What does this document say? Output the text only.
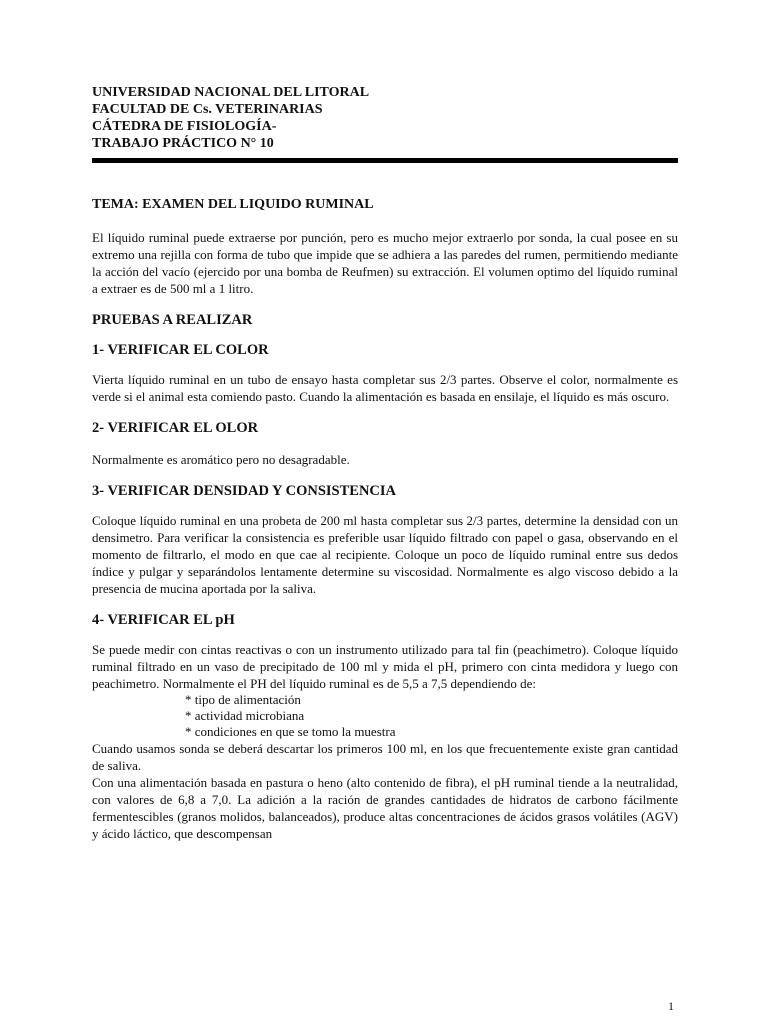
UNIVERSIDAD NACIONAL DEL LITORAL

FACULTAD DE Cs. VETERINARIAS

CÁTEDRA DE FISIOLOGÍA-

TRABAJO PRÁCTICO N° 10

TEMA: EXAMEN DEL LIQUIDO RUMINAL

El líquido ruminal puede extraerse por punción, pero es mucho mejor extraerlo por sonda, la cual posee en su extremo una rejilla con forma de tubo que impide que se adhiera a las paredes del rumen, permitiendo mediante la acción del vacío (ejercido por una bomba de Reufmen) su extracción. El volumen optimo del líquido ruminal a extraer es de 500 ml a 1 litro.

PRUEBAS A REALIZAR
1- VERIFICAR EL COLOR

Vierta líquido ruminal en un tubo de ensayo hasta completar sus 2/3 partes. Observe el color, normalmente es verde si el animal esta comiendo pasto. Cuando la alimentación es basada en ensilaje, el líquido es más oscuro.

2- VERIFICAR EL OLOR

Normalmente es aromático pero no desagradable.

3- VERIFICAR DENSIDAD Y CONSISTENCIA

Coloque líquido ruminal en una probeta de 200 ml hasta completar sus 2/3 partes, determine la densidad con un densimetro. Para verificar la consistencia es preferible usar líquido filtrado con papel o gasa, observando en el momento de filtrarlo, el modo en que cae al recipiente. Coloque un poco de líquido ruminal entre sus dedos índice y pulgar y separándolos lentamente determine su viscosidad. Normalmente es algo viscoso debido a la presencia de mucina aportada por la saliva.

4- VERIFICAR EL pH

Se puede medir con cintas reactivas o con un instrumento utilizado para tal fin (peachimetro). Coloque líquido ruminal filtrado en un vaso de precipitado de 100 ml y mida el pH, primero con cinta medidora y luego con peachimetro. Normalmente el PH del líquido ruminal es de 5,5 a 7,5 dependiendo de:

* tipo de alimentación
* actividad microbiana
* condiciones en que se tomo la muestra

Cuando usamos sonda se deberá descartar los primeros 100 ml, en los que frecuentemente existe gran cantidad de saliva.

Con una alimentación basada en pastura o heno (alto contenido de fibra), el pH ruminal tiende a la neutralidad, con valores de 6,8 a 7,0. La adición a la ración de grandes cantidades de hidratos de carbono fácilmente fermentescibles (granos molidos, balanceados), produce altas concentraciones de ácidos grasos volátiles (AGV) y ácido láctico, que descompensan

1
